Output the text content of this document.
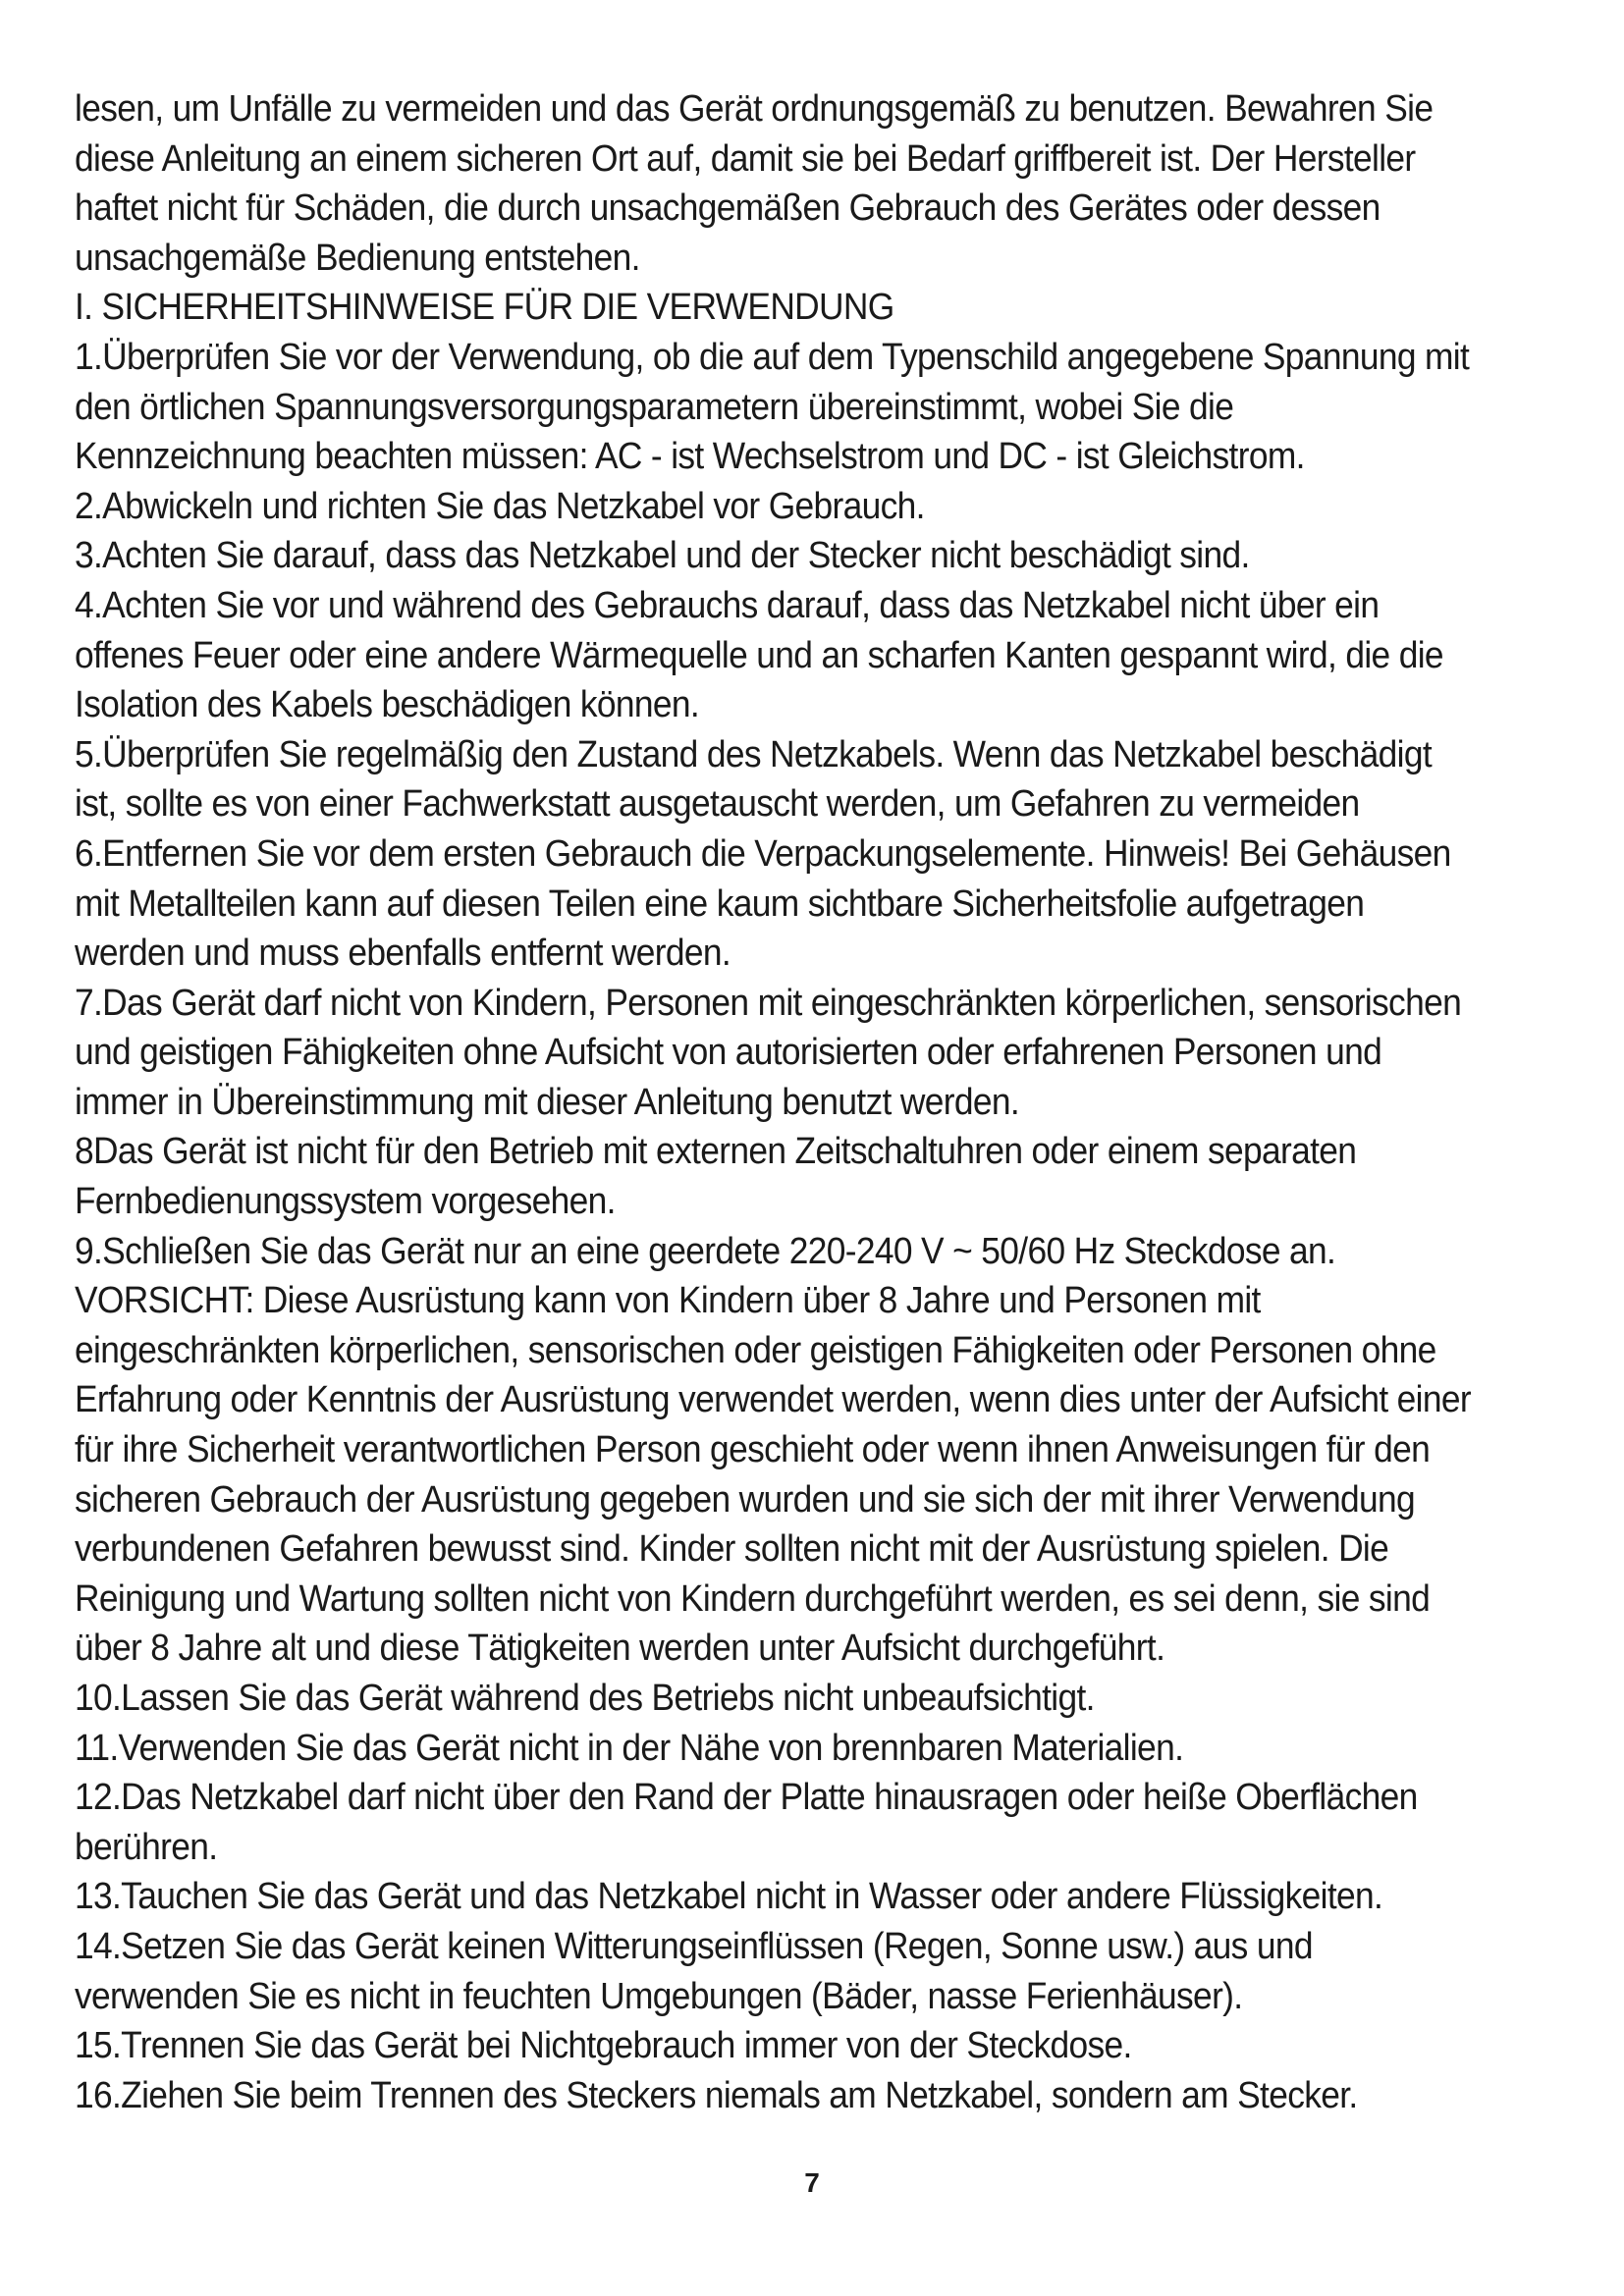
lesen, um Unfälle zu vermeiden und das Gerät ordnungsgemäß zu benutzen. Bewahren Sie diese Anleitung an einem sicheren Ort auf, damit sie bei Bedarf griffbereit ist. Der Hersteller haftet nicht für Schäden, die durch unsachgemäßen Gebrauch des Gerätes oder dessen unsachgemäße Bedienung entstehen.

I. SICHERHEITSHINWEISE FÜR DIE VERWENDUNG

1.Überprüfen Sie vor der Verwendung, ob die auf dem Typenschild angegebene Spannung mit den örtlichen Spannungsversorgungsparametern übereinstimmt, wobei Sie die Kennzeichnung beachten müssen: AC - ist Wechselstrom und DC - ist Gleichstrom.

2.Abwickeln und richten Sie das Netzkabel vor Gebrauch.

3.Achten Sie darauf, dass das Netzkabel und der Stecker nicht beschädigt sind.

4.Achten Sie vor und während des Gebrauchs darauf, dass das Netzkabel nicht über ein offenes Feuer oder eine andere Wärmequelle und an scharfen Kanten gespannt wird, die die Isolation des Kabels beschädigen können.

5.Überprüfen Sie regelmäßig den Zustand des Netzkabels. Wenn das Netzkabel beschädigt ist, sollte es von einer Fachwerkstatt ausgetauscht werden, um Gefahren zu vermeiden

6.Entfernen Sie vor dem ersten Gebrauch die Verpackungselemente. Hinweis! Bei Gehäusen mit Metallteilen kann auf diesen Teilen eine kaum sichtbare Sicherheitsfolie aufgetragen werden und muss ebenfalls entfernt werden.

7.Das Gerät darf nicht von Kindern, Personen mit eingeschränkten körperlichen, sensorischen und geistigen Fähigkeiten ohne Aufsicht von autorisierten oder erfahrenen Personen und immer in Übereinstimmung mit dieser Anleitung benutzt werden.

8Das Gerät ist nicht für den Betrieb mit externen Zeitschaltuhren oder einem separaten Fernbedienungssystem vorgesehen.

9.Schließen Sie das Gerät nur an eine geerdete 220-240 V ~ 50/60 Hz Steckdose an.

VORSICHT: Diese Ausrüstung kann von Kindern über 8 Jahre und Personen mit eingeschränkten körperlichen, sensorischen oder geistigen Fähigkeiten oder Personen ohne Erfahrung oder Kenntnis der Ausrüstung verwendet werden, wenn dies unter der Aufsicht einer für ihre Sicherheit verantwortlichen Person geschieht oder wenn ihnen Anweisungen für den sicheren Gebrauch der Ausrüstung gegeben wurden und sie sich der mit ihrer Verwendung verbundenen Gefahren bewusst sind. Kinder sollten nicht mit der Ausrüstung spielen. Die Reinigung und Wartung sollten nicht von Kindern durchgeführt werden, es sei denn, sie sind über 8 Jahre alt und diese Tätigkeiten werden unter Aufsicht durchgeführt.

10.Lassen Sie das Gerät während des Betriebs nicht unbeaufsichtigt.

11.Verwenden Sie das Gerät nicht in der Nähe von brennbaren Materialien.

12.Das Netzkabel darf nicht über den Rand der Platte hinausragen oder heiße Oberflächen berühren.

13.Tauchen Sie das Gerät und das Netzkabel nicht in Wasser oder andere Flüssigkeiten.

14.Setzen Sie das Gerät keinen Witterungseinflüssen (Regen, Sonne usw.) aus und verwenden Sie es nicht in feuchten Umgebungen (Bäder, nasse Ferienhäuser).

15.Trennen Sie das Gerät bei Nichtgebrauch immer von der Steckdose.

16.Ziehen Sie beim Trennen des Steckers niemals am Netzkabel, sondern am Stecker.

7
